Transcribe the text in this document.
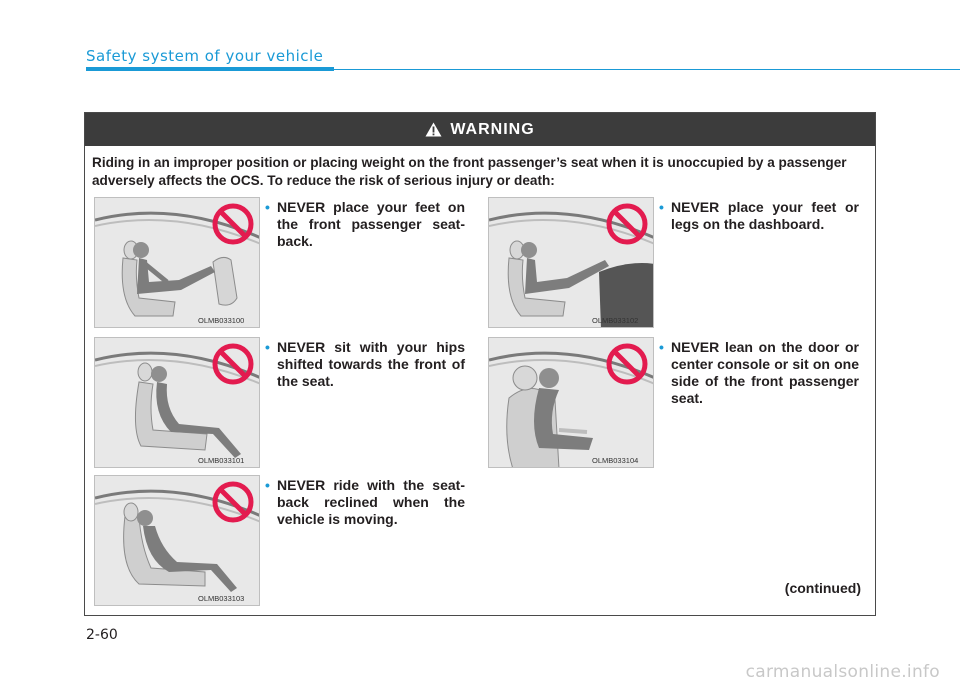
Safety system of your vehicle
WARNING
Riding in an improper position or placing weight on the front passenger’s seat when it is unoccupied by a passenger adversely affects the OCS. To reduce the risk of serious injury or death:
OLMB033100
• NEVER place your feet on the front passenger seat-back.
OLMB033102
• NEVER place your feet or legs on the dashboard.
OLMB033101
• NEVER sit with your hips shifted towards the front of the seat.
OLMB033104
• NEVER lean on the door or center console or sit on one side of the front passenger seat.
OLMB033103
• NEVER ride with the seat-back reclined when the vehicle is moving.
(continued)
2-60
carmanualsonline.info
